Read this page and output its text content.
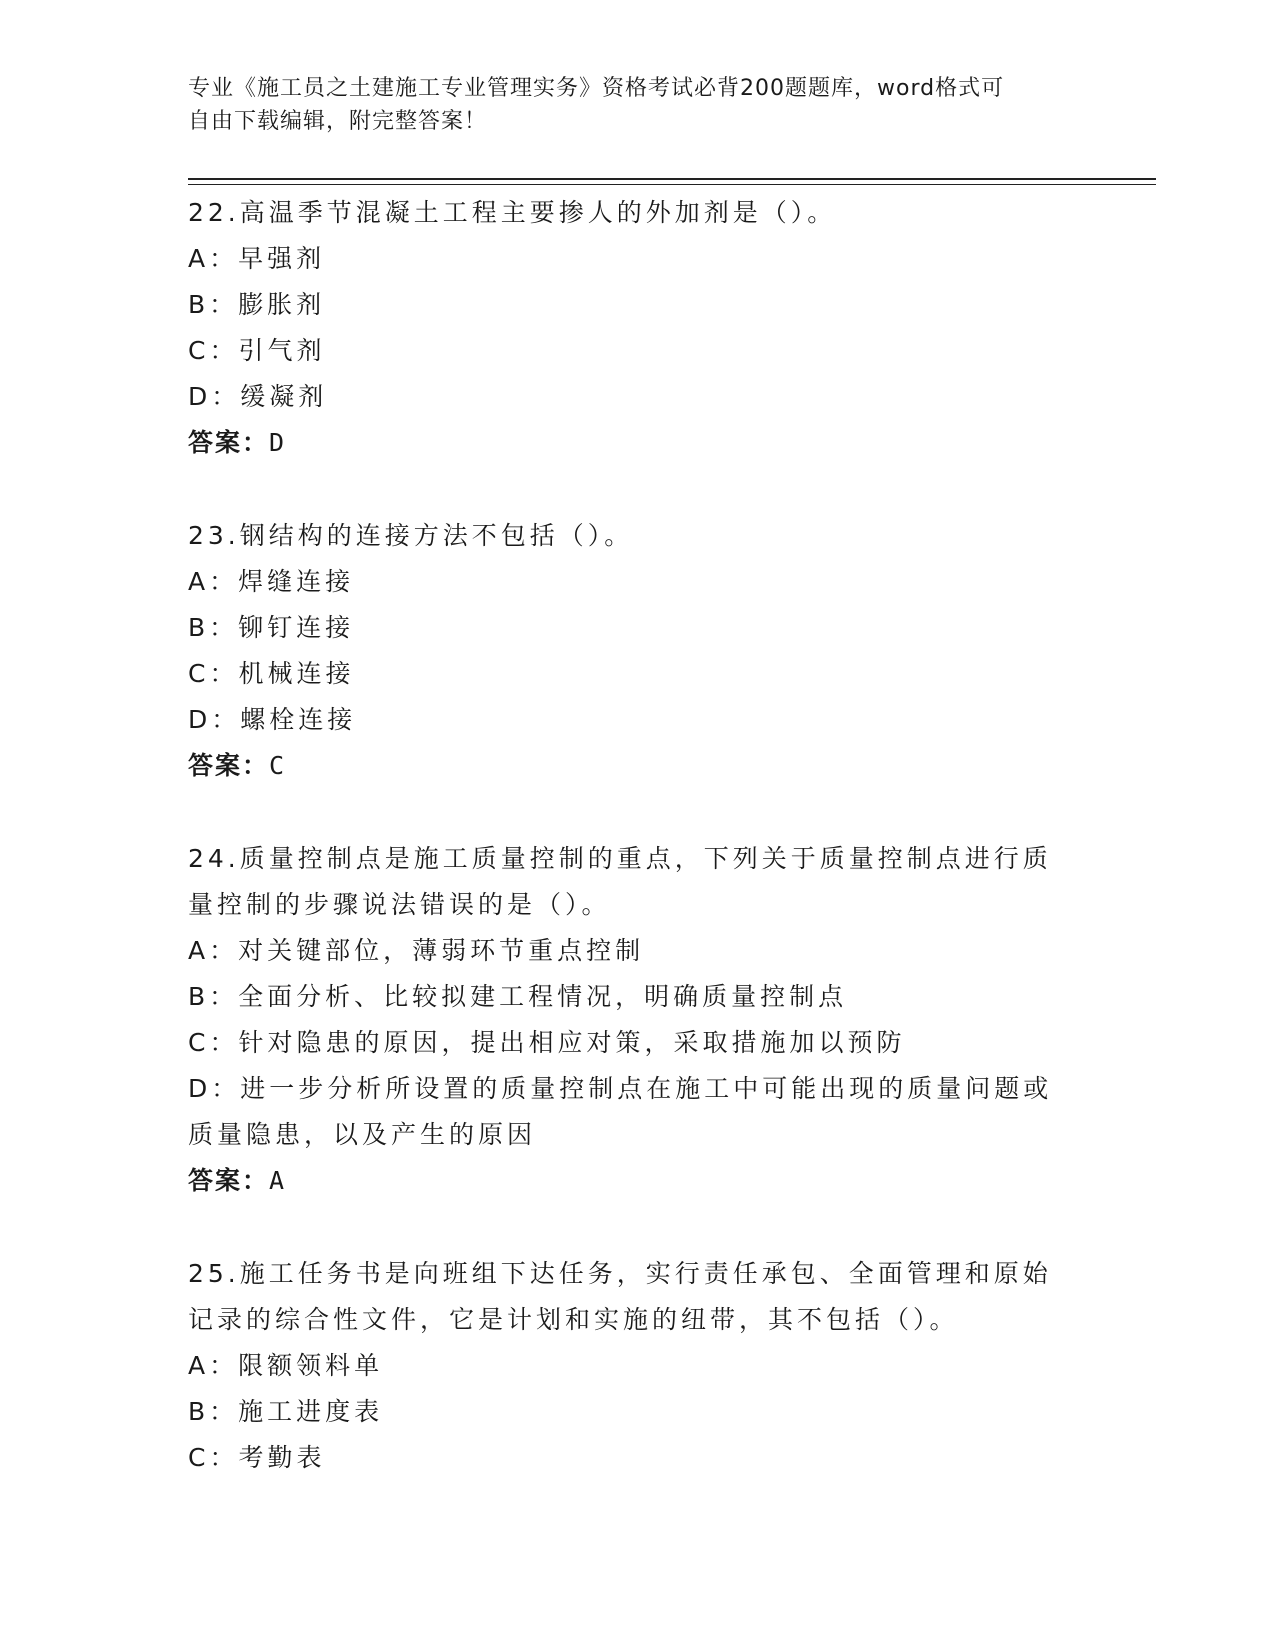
专业《施工员之土建施工专业管理实务》资格考试必背200题题库，word格式可
自由下载编辑，附完整答案！
22.高温季节混凝土工程主要掺人的外加剂是（）。
A：早强剂
B：膨胀剂
C：引气剂
D：缓凝剂
答案：D
23.钢结构的连接方法不包括（）。
A：焊缝连接
B：铆钉连接
C：机械连接
D：螺栓连接
答案：C
24.质量控制点是施工质量控制的重点，下列关于质量控制点进行质量控制的步骤说法错误的是（）。
A：对关键部位，薄弱环节重点控制
B：全面分析、比较拟建工程情况，明确质量控制点
C：针对隐患的原因，提出相应对策，采取措施加以预防
D：进一步分析所设置的质量控制点在施工中可能出现的质量问题或质量隐患，以及产生的原因
答案：A
25.施工任务书是向班组下达任务，实行责任承包、全面管理和原始记录的综合性文件，它是计划和实施的纽带，其不包括（）。
A：限额领料单
B：施工进度表
C：考勤表
